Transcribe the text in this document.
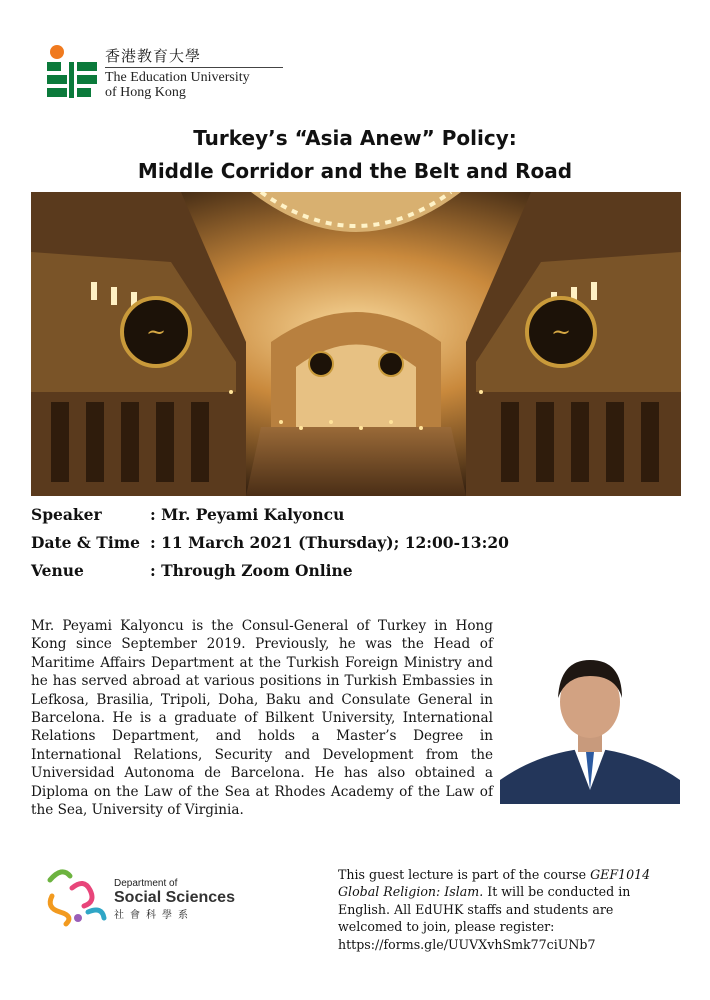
香港教育大學
The Education University
of Hong Kong
Turkey’s “Asia Anew” Policy:
Middle Corridor and the Belt and Road
~	~
Speaker	: Mr. Peyami Kalyoncu
Date & Time : 11 March 2021 (Thursday); 12:00-13:20
Venue	: Through Zoom Online

Mr. Peyami Kalyoncu is the Consul-General of Turkey in Hong Kong since September 2019. Previously, he was the Head of Maritime Affairs Department at the Turkish Foreign Ministry and he has served abroad at various positions in Turkish Embassies in Lefkosa, Brasilia, Tripoli, Doha, Baku and Consulate General in Barcelona. He is a graduate of Bilkent University, International Relations Department, and holds a Master’s Degree in International Relations, Security and Development from the Universidad Autonoma de Barcelona. He has also obtained a Diploma on the Law of the Sea at Rhodes Academy of the Law of the Sea, University of Virginia.

Department of
Social Sciences
社會科學系
This guest lecture is part of the course GEF1014 Global Religion: Islam. It will be conducted in English. All EdUHK staffs and students are welcomed to join, please register:
https://forms.gle/UUVXvhSmk77ciUNb7
